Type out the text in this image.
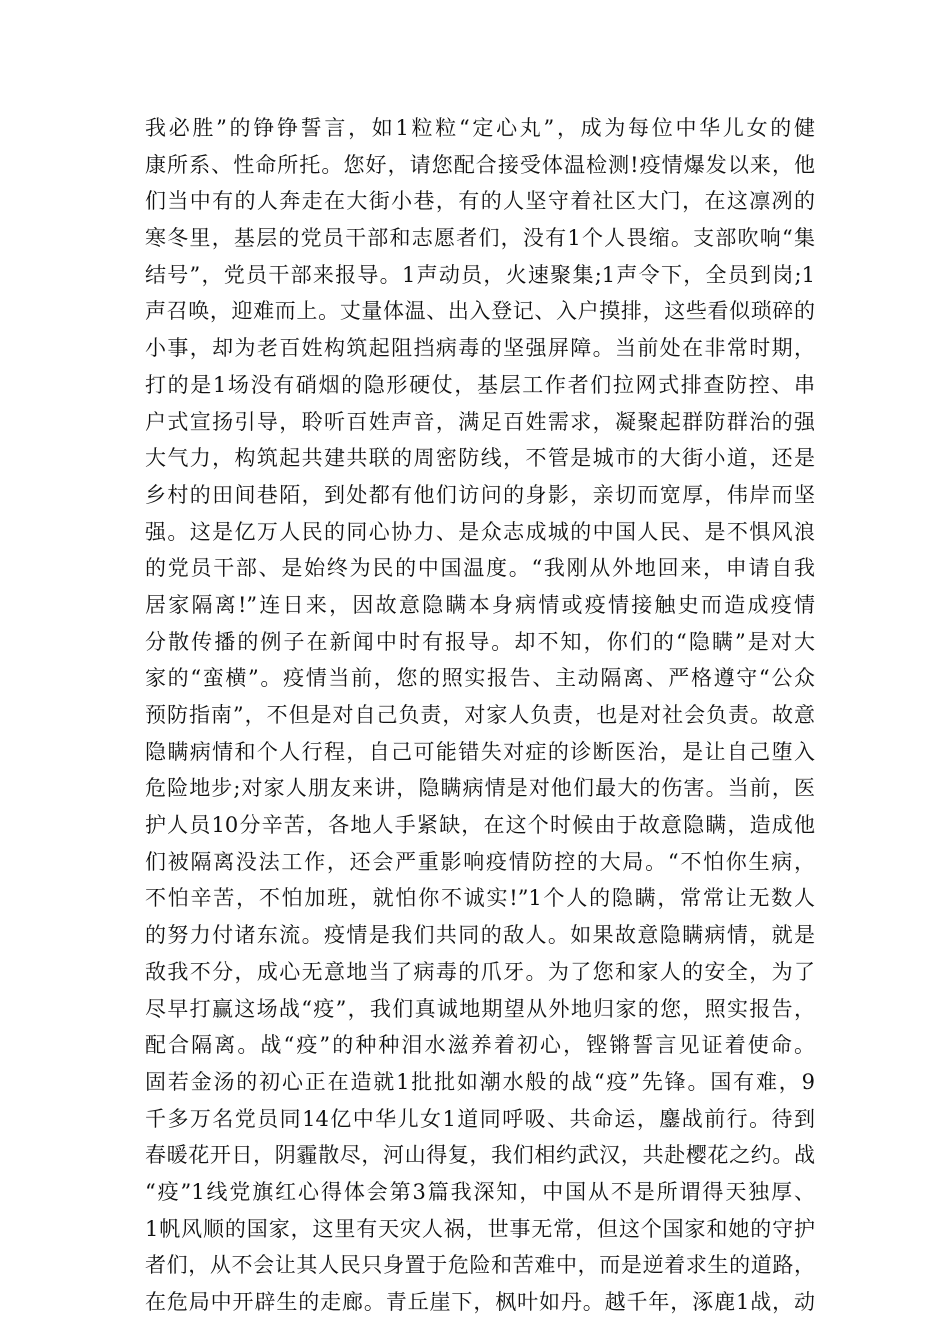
我必胜”的铮铮誓言，如1粒粒“定心丸”，成为每位中华儿女的健
康所系、性命所托。您好，请您配合接受体温检测!疫情爆发以来，他
们当中有的人奔走在大街小巷，有的人坚守着社区大门，在这凛冽的
寒冬里，基层的党员干部和志愿者们，没有1个人畏缩。支部吹响“集
结号”，党员干部来报导。1声动员，火速聚集;1声令下，全员到岗;1
声召唤，迎难而上。丈量体温、出入登记、入户摸排，这些看似琐碎的
小事，却为老百姓构筑起阻挡病毒的坚强屏障。当前处在非常时期，
打的是1场没有硝烟的隐形硬仗，基层工作者们拉网式排查防控、串
户式宣扬引导，聆听百姓声音，满足百姓需求，凝聚起群防群治的强
大气力，构筑起共建共联的周密防线，不管是城市的大街小道，还是
乡村的田间巷陌，到处都有他们访问的身影，亲切而宽厚，伟岸而坚
强。这是亿万人民的同心协力、是众志成城的中国人民、是不惧风浪
的党员干部、是始终为民的中国温度。“我刚从外地回来，申请自我
居家隔离!”连日来，因故意隐瞒本身病情或疫情接触史而造成疫情
分散传播的例子在新闻中时有报导。却不知，你们的“隐瞒”是对大
家的“蛮横”。疫情当前，您的照实报告、主动隔离、严格遵守“公众
预防指南”，不但是对自己负责，对家人负责，也是对社会负责。故意
隐瞒病情和个人行程，自己可能错失对症的诊断医治，是让自己堕入
危险地步;对家人朋友来讲，隐瞒病情是对他们最大的伤害。当前，医
护人员10分辛苦，各地人手紧缺，在这个时候由于故意隐瞒，造成他
们被隔离没法工作，还会严重影响疫情防控的大局。“不怕你生病，
不怕辛苦，不怕加班，就怕你不诚实!”1个人的隐瞒，常常让无数人
的努力付诸东流。疫情是我们共同的敌人。如果故意隐瞒病情，就是
敌我不分，成心无意地当了病毒的爪牙。为了您和家人的安全，为了
尽早打赢这场战“疫”，我们真诚地期望从外地归家的您，照实报告，
配合隔离。战“疫”的种种泪水滋养着初心，铿锵誓言见证着使命。
固若金汤的初心正在造就1批批如潮水般的战“疫”先锋。国有难，9
千多万名党员同14亿中华儿女1道同呼吸、共命运，鏖战前行。待到
春暖花开日，阴霾散尽，河山得复，我们相约武汉，共赴樱花之约。战
“疫”1线党旗红心得体会第3篇我深知，中国从不是所谓得天独厚、
1帆风顺的国家，这里有天灾人祸，世事无常，但这个国家和她的守护
者们，从不会让其人民只身置于危险和苦难中，而是逆着求生的道路，
在危局中开辟生的走廊。青丘崖下，枫叶如丹。越千年，涿鹿1战，动
